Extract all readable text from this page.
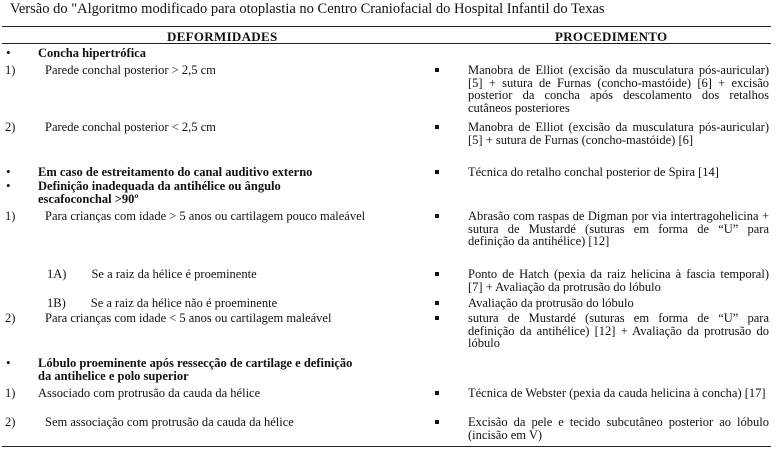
Versão do "Algoritmo modificado para otoplastia no Centro Craniofacial do Hospital Infantil do Texas
DEFORMIDADES	PROCEDIMENTO
• Concha hipertrófica
1) Parede conchal posterior > 2,5 cm	Manobra de Elliot (excisão da musculatura pós-auricular) [5] + sutura de Furnas (concho-mastóide) [6] + excisão posterior da concha após descolamento dos retalhos cutâneos posteriores
2) Parede conchal posterior < 2,5 cm	Manobra de Elliot (excisão da musculatura pós-auricular) [5] + sutura de Furnas (concho-mastóide) [6]
• Em caso de estreitamento do canal auditivo externo	Técnica do retalho conchal posterior de Spira [14]
• Definição inadequada da antihélice ou ângulo escafoconchal >90º
1) Para crianças com idade > 5 anos ou cartilagem pouco maleável	Abrasão com raspas de Digman por via intertragohelicina + sutura de Mustardé (suturas em forma de “U” para definição da antihélice) [12]
1A)        Se a raiz da hélice é proeminente	Ponto de Hatch (pexia da raiz helicina à fascia temporal) [7] + Avaliação da protrusão do lóbulo
1B)        Se a raiz da hélice não é proeminente	Avaliação da protrusão do lóbulo
2) Para crianças com idade < 5 anos ou cartilagem maleável	sutura de Mustardé (suturas em forma de “U” para definição da antihélice) [12] + Avaliação da protrusão do lóbulo
• Lóbulo proeminente após ressecção de cartilage e definição da antihelice e polo superior
1) Associado com protrusão da cauda da hélice	Técnica de Webster (pexia da cauda helicina à concha) [17]
2) Sem associação com protrusão da cauda da hélice	Excisão da pele e tecido subcutâneo posterior ao lóbulo (incisão em V)
